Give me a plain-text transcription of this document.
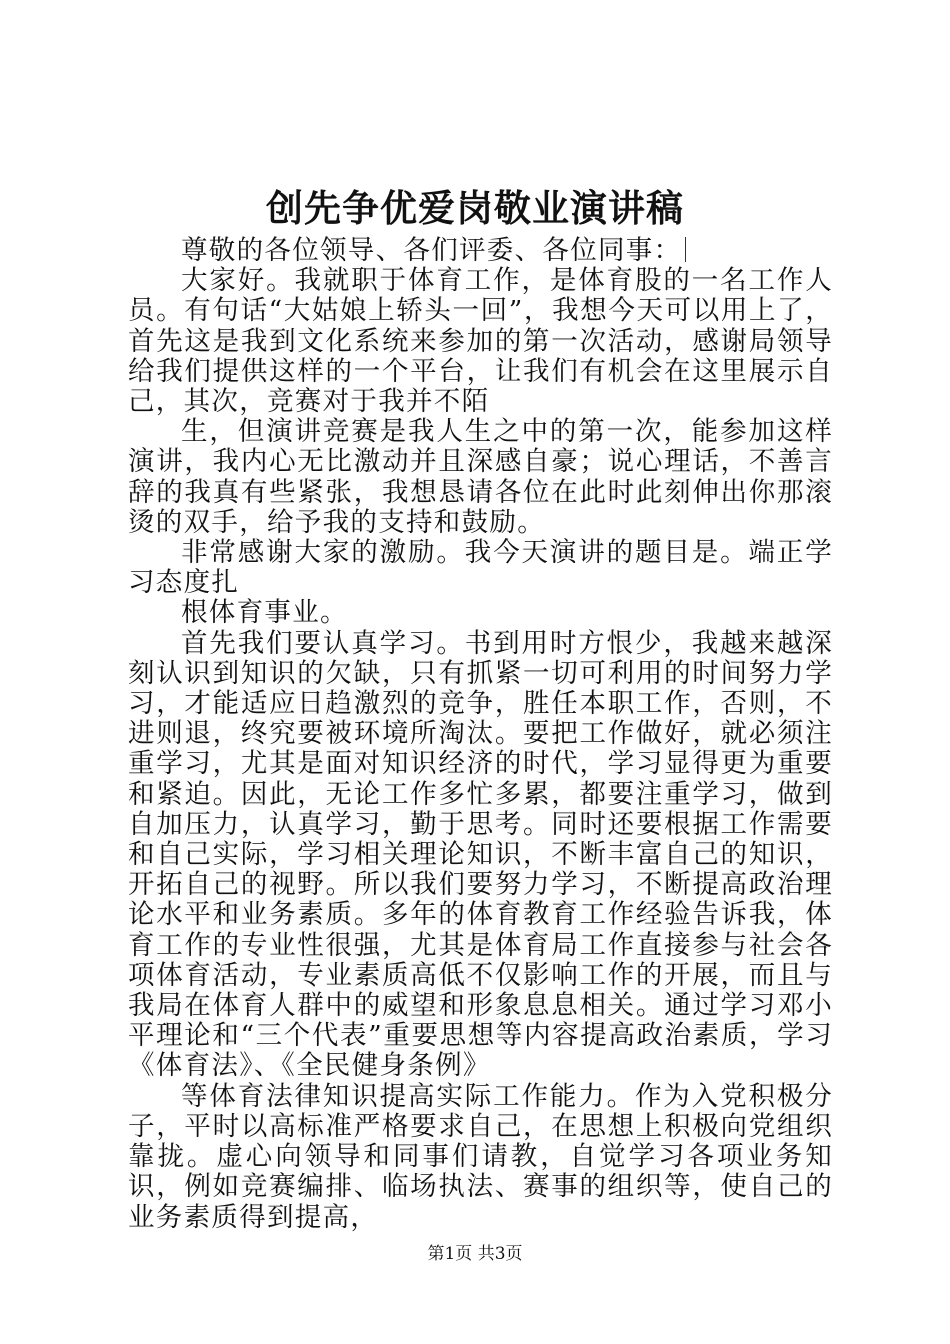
创先争优爱岗敬业演讲稿

尊敬的各位领导、各们评委、各位同事：

大家好。我就职于体育工作，是体育股的一名工作人员。有句话“大姑娘上轿头一回”，我想今天可以用上了，首先这是我到文化系统来参加的第一次活动，感谢局领导给我们提供这样的一个平台，让我们有机会在这里展示自己，其次，竞赛对于我并不陌

生，但演讲竞赛是我人生之中的第一次，能参加这样演讲，我内心无比激动并且深感自豪；说心理话，不善言辞的我真有些紧张，我想恳请各位在此时此刻伸出你那滚烫的双手，给予我的支持和鼓励。

非常感谢大家的激励。我今天演讲的题目是。端正学习态度扎

根体育事业。

首先我们要认真学习。书到用时方恨少，我越来越深刻认识到知识的欠缺，只有抓紧一切可利用的时间努力学习，才能适应日趋激烈的竞争，胜任本职工作，否则，不进则退，终究要被环境所淘汰。要把工作做好，就必须注重学习，尤其是面对知识经济的时代，学习显得更为重要和紧迫。因此，无论工作多忙多累，都要注重学习，做到自加压力，认真学习，勤于思考。同时还要根据工作需要和自己实际，学习相关理论知识，不断丰富自己的知识，开拓自己的视野。所以我们要努力学习，不断提高政治理论水平和业务素质。多年的体育教育工作经验告诉我，体育工作的专业性很强，尤其是体育局工作直接参与社会各项体育活动，专业素质高低不仅影响工作的开展，而且与我局在体育人群中的威望和形象息息相关。通过学习邓小平理论和“三个代表”重要思想等内容提高政治素质，学习《体育法》、《全民健身条例》

等体育法律知识提高实际工作能力。作为入党积极分子，平时以高标准严格要求自己，在思想上积极向党组织靠拢。虚心向领导和同事们请教，自觉学习各项业务知识，例如竞赛编排、临场执法、赛事的组织等，使自己的业务素质得到提高，

第1页 共3页
